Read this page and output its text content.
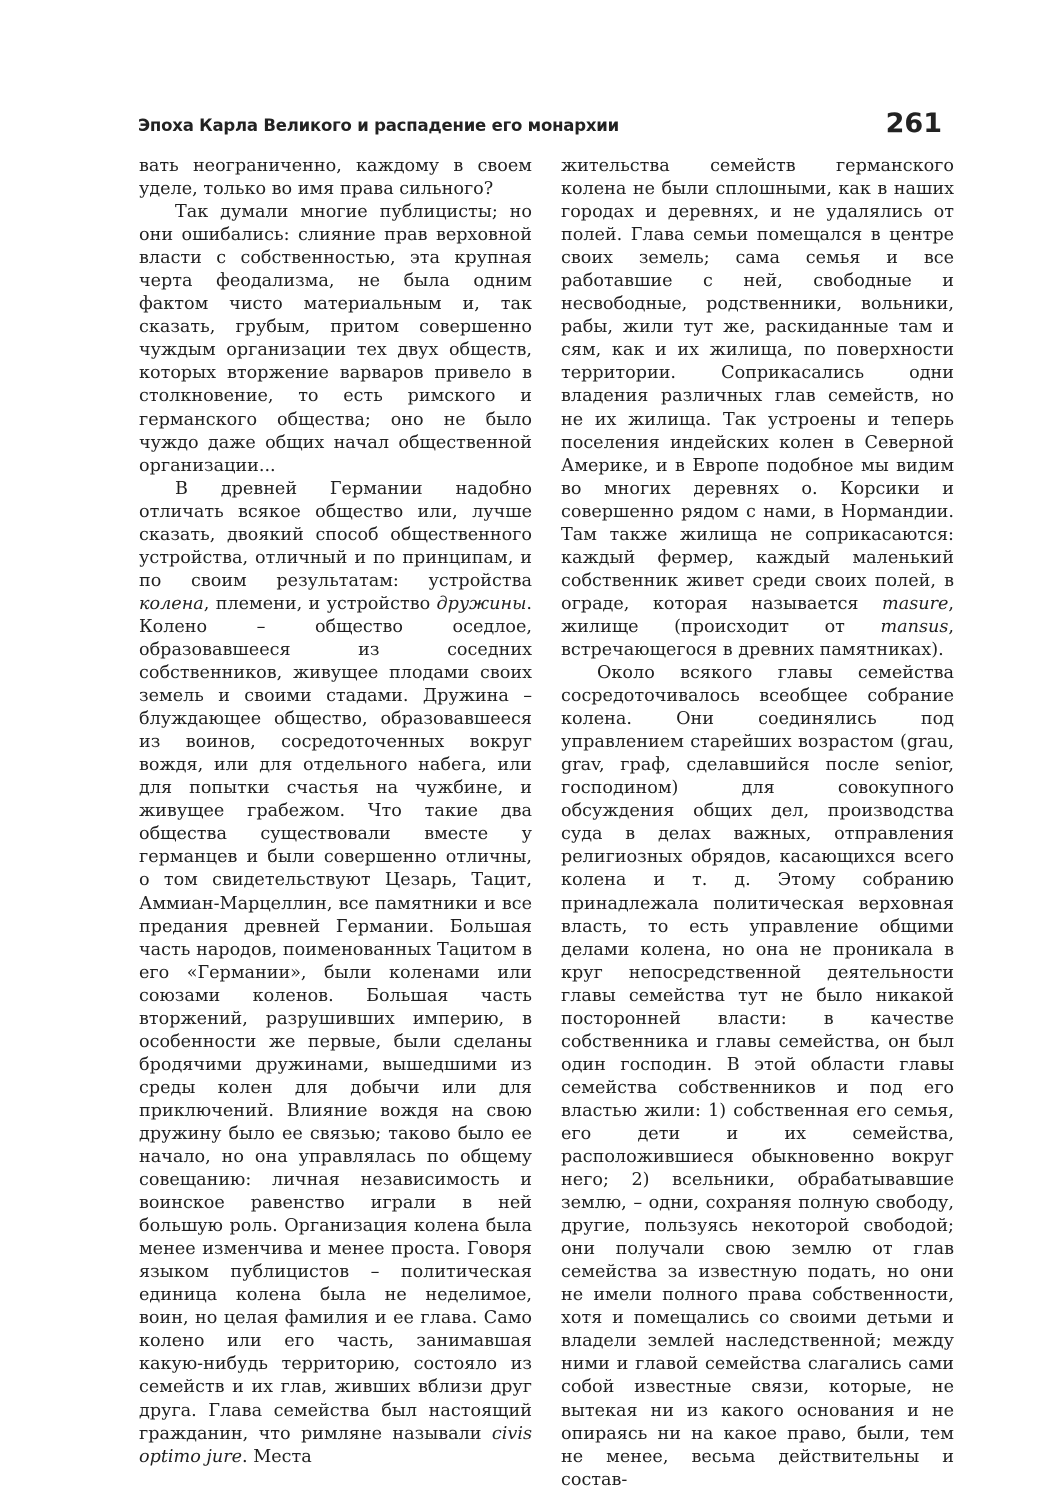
Эпоха Карла Великого и распадение его монархии	261

вать неограниченно, каждому в своем уделе, только во имя права сильного?

Так думали многие публицисты; но они ошибались: слияние прав верховной власти с собственностью, эта крупная черта феодализма, не была одним фактом чисто материальным и, так сказать, грубым, притом совершенно чуждым организации тех двух обществ, которых вторжение варваров привело в столкновение, то есть римского и германского общества; оно не было чуждо даже общих начал общественной организации...

В древней Германии надобно отличать всякое общество или, лучше сказать, двоякий способ общественного устройства, отличный и по принципам, и по своим результатам: устройства колена, племени, и устройство дружины. Колено – общество оседлое, образовавшееся из соседних собственников, живущее плодами своих земель и своими стадами. Дружина – блуждающее общество, образовавшееся из воинов, сосредоточенных вокруг вождя, или для отдельного набега, или для попытки счастья на чужбине, и живущее грабежом. Что такие два общества существовали вместе у германцев и были совершенно отличны, о том свидетельствуют Цезарь, Тацит, Аммиан-Марцеллин, все памятники и все предания древней Германии. Большая часть народов, поименованных Тацитом в его «Германии», были коленами или союзами коленов. Большая часть вторжений, разрушивших империю, в особенности же первые, были сделаны бродячими дружинами, вышедшими из среды колен для добычи или для приключений. Влияние вождя на свою дружину было ее связью; таково было ее начало, но она управлялась по общему совещанию: личная независимость и воинское равенство играли в ней большую роль. Организация колена была менее изменчива и менее проста. Говоря языком публицистов – политическая единица колена была не неделимое, воин, но целая фамилия и ее глава. Само колено или его часть, занимавшая какую-нибудь территорию, состояло из семейств и их глав, живших вблизи друг друга. Глава семейства был настоящий гражданин, что римляне называли civis optimo jure. Места

жительства семейств германского колена не были сплошными, как в наших городах и деревнях, и не удалялись от полей. Глава семьи помещался в центре своих земель; сама семья и все работавшие с ней, свободные и несвободные, родственники, вольники, рабы, жили тут же, раскиданные там и сям, как и их жилища, по поверхности территории. Соприкасались одни владения различных глав семейств, но не их жилища. Так устроены и теперь поселения индейских колен в Северной Америке, и в Европе подобное мы видим во многих деревнях о. Корсики и совершенно рядом с нами, в Нормандии. Там также жилища не соприкасаются: каждый фермер, каждый маленький собственник живет среди своих полей, в ограде, которая называется masure, жилище (происходит от mansus, встречающегося в древних памятниках).

Около всякого главы семейства сосредоточивалось всеобщее собрание колена. Они соединялись под управлением старейших возрастом (grau, grav, граф, сделавшийся после senior, господином) для совокупного обсуждения общих дел, производства суда в делах важных, отправления религиозных обрядов, касающихся всего колена и т. д. Этому собранию принадлежала политическая верховная власть, то есть управление общими делами колена, но она не проникала в круг непосредственной деятельности главы семейства тут не было никакой посторонней власти: в качестве собственника и главы семейства, он был один господин. В этой области главы семейства собственников и под его властью жили: 1) собственная его семья, его дети и их семейства, расположившиеся обыкновенно вокруг него; 2) всельники, обрабатывавшие землю, – одни, сохраняя полную свободу, другие, пользуясь некоторой свободой; они получали свою землю от глав семейства за известную подать, но они не имели полного права собственности, хотя и помещались со своими детьми и владели землей наследственной; между ними и главой семейства слагались сами собой известные связи, которые, не вытекая ни из какого основания и не опираясь ни на какое право, были, тем не менее, весьма действительны и состав-
